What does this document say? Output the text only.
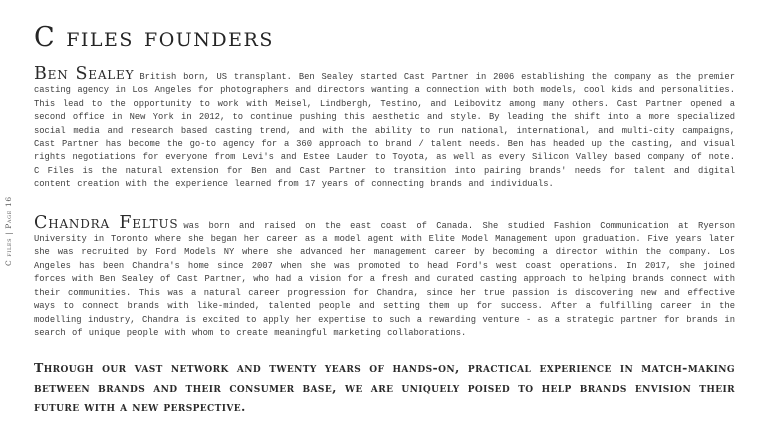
C files | Page 16
C files founders

Ben Sealey British born, US transplant. Ben Sealey started Cast Partner in 2006 establishing the company as the premier casting agency in Los Angeles for photographers and directors wanting a connection with both models, cool kids and personalities. This lead to the opportunity to work with Meisel, Lindbergh, Testino, and Leibovitz among many others. Cast Partner opened a second office in New York in 2012, to continue pushing this aesthetic and style. By leading the shift into a more specialized social media and research based casting trend, and with the ability to run national, international, and multi-city campaigns, Cast Partner has become the go-to agency for a 360 approach to brand / talent needs. Ben has headed up the casting, and visual rights negotiations for everyone from Levi's and Estee Lauder to Toyota, as well as every Silicon Valley based company of note. C Files is the natural extension for Ben and Cast Partner to transition into pairing brands' needs for talent and digital content creation with the experience learned from 17 years of connecting brands and individuals.

Chandra Feltus was born and raised on the east coast of Canada. She studied Fashion Communication at Ryerson University in Toronto where she began her career as a model agent with Elite Model Management upon graduation. Five years later she was recruited by Ford Models NY where she advanced her management career by becoming a director within the company. Los Angeles has been Chandra's home since 2007 when she was promoted to head Ford's west coast operations. In 2017, she joined forces with Ben Sealey of Cast Partner, who had a vision for a fresh and curated casting approach to helping brands connect with their communities. This was a natural career progression for Chandra, since her true passion is discovering new and effective ways to connect brands with like-minded, talented people and setting them up for success. After a fulfilling career in the modelling industry, Chandra is excited to apply her expertise to such a rewarding venture - as a strategic partner for brands in search of unique people with whom to create meaningful marketing collaborations.

Through our vast network and twenty years of hands-on, practical experience in match-making between brands and their consumer base, we are uniquely poised to help brands envision their future with a new perspective.
